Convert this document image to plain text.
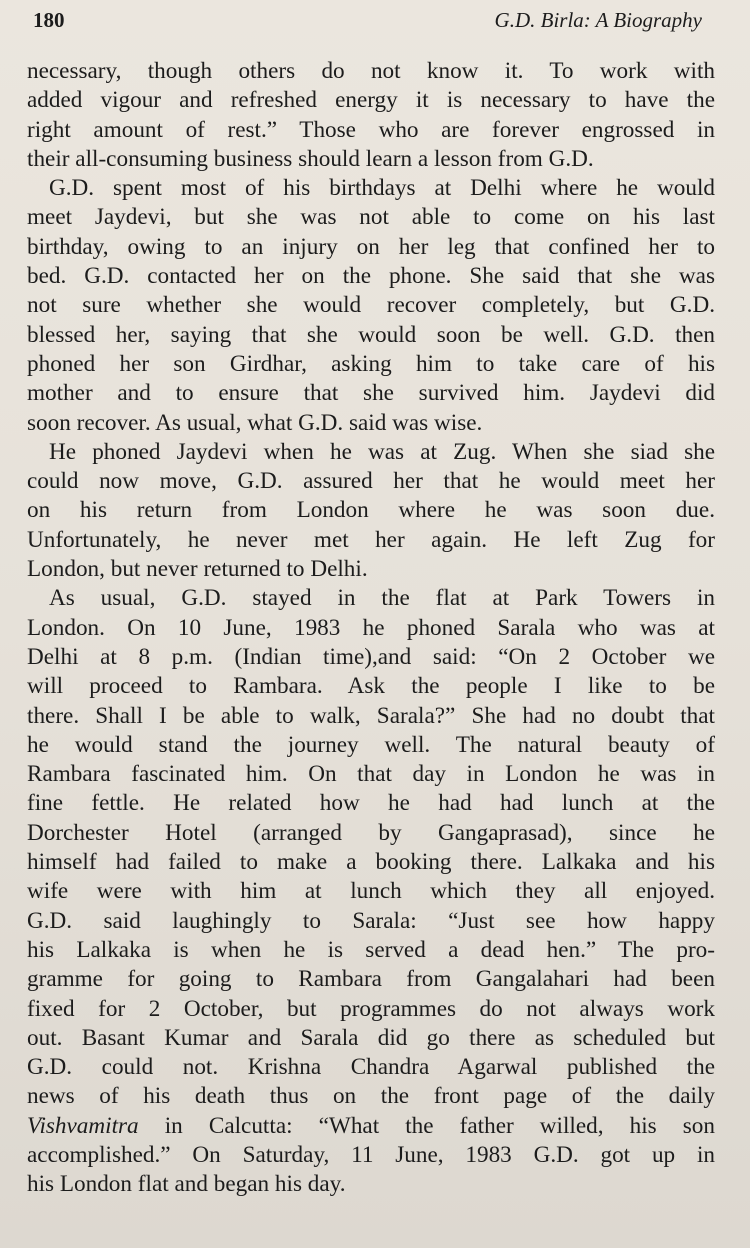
180	G.D. Birla: A Biography

necessary, though others do not know it. To work with
added vigour and refreshed energy it is necessary to have the
right amount of rest.” Those who are forever engrossed in
their all-consuming business should learn a lesson from G.D.

G.D. spent most of his birthdays at Delhi where he would
meet Jaydevi, but she was not able to come on his last
birthday, owing to an injury on her leg that confined her to
bed. G.D. contacted her on the phone. She said that she was
not sure whether she would recover completely, but G.D.
blessed her, saying that she would soon be well. G.D. then
phoned her son Girdhar, asking him to take care of his
mother and to ensure that she survived him. Jaydevi did
soon recover. As usual, what G.D. said was wise.

He phoned Jaydevi when he was at Zug. When she siad she
could now move, G.D. assured her that he would meet her
on his return from London where he was soon due.
Unfortunately, he never met her again. He left Zug for
London, but never returned to Delhi.

As usual, G.D. stayed in the flat at Park Towers in
London. On 10 June, 1983 he phoned Sarala who was at
Delhi at 8 p.m. (Indian time),and said: “On 2 October we
will proceed to Rambara. Ask the people I like to be
there. Shall I be able to walk, Sarala?” She had no doubt that
he would stand the journey well. The natural beauty of
Rambara fascinated him. On that day in London he was in
fine fettle. He related how he had had lunch at the
Dorchester Hotel (arranged by Gangaprasad), since he
himself had failed to make a booking there. Lalkaka and his
wife were with him at lunch which they all enjoyed.
G.D. said laughingly to Sarala: “Just see how happy
his Lalkaka is when he is served a dead hen.” The pro-
gramme for going to Rambara from Gangalahari had been
fixed for 2 October, but programmes do not always work
out. Basant Kumar and Sarala did go there as scheduled but
G.D. could not. Krishna Chandra Agarwal published the
news of his death thus on the front page of the daily
Vishvamitra in Calcutta: “What the father willed, his son
accomplished.” On Saturday, 11 June, 1983 G.D. got up in
his London flat and began his day.
